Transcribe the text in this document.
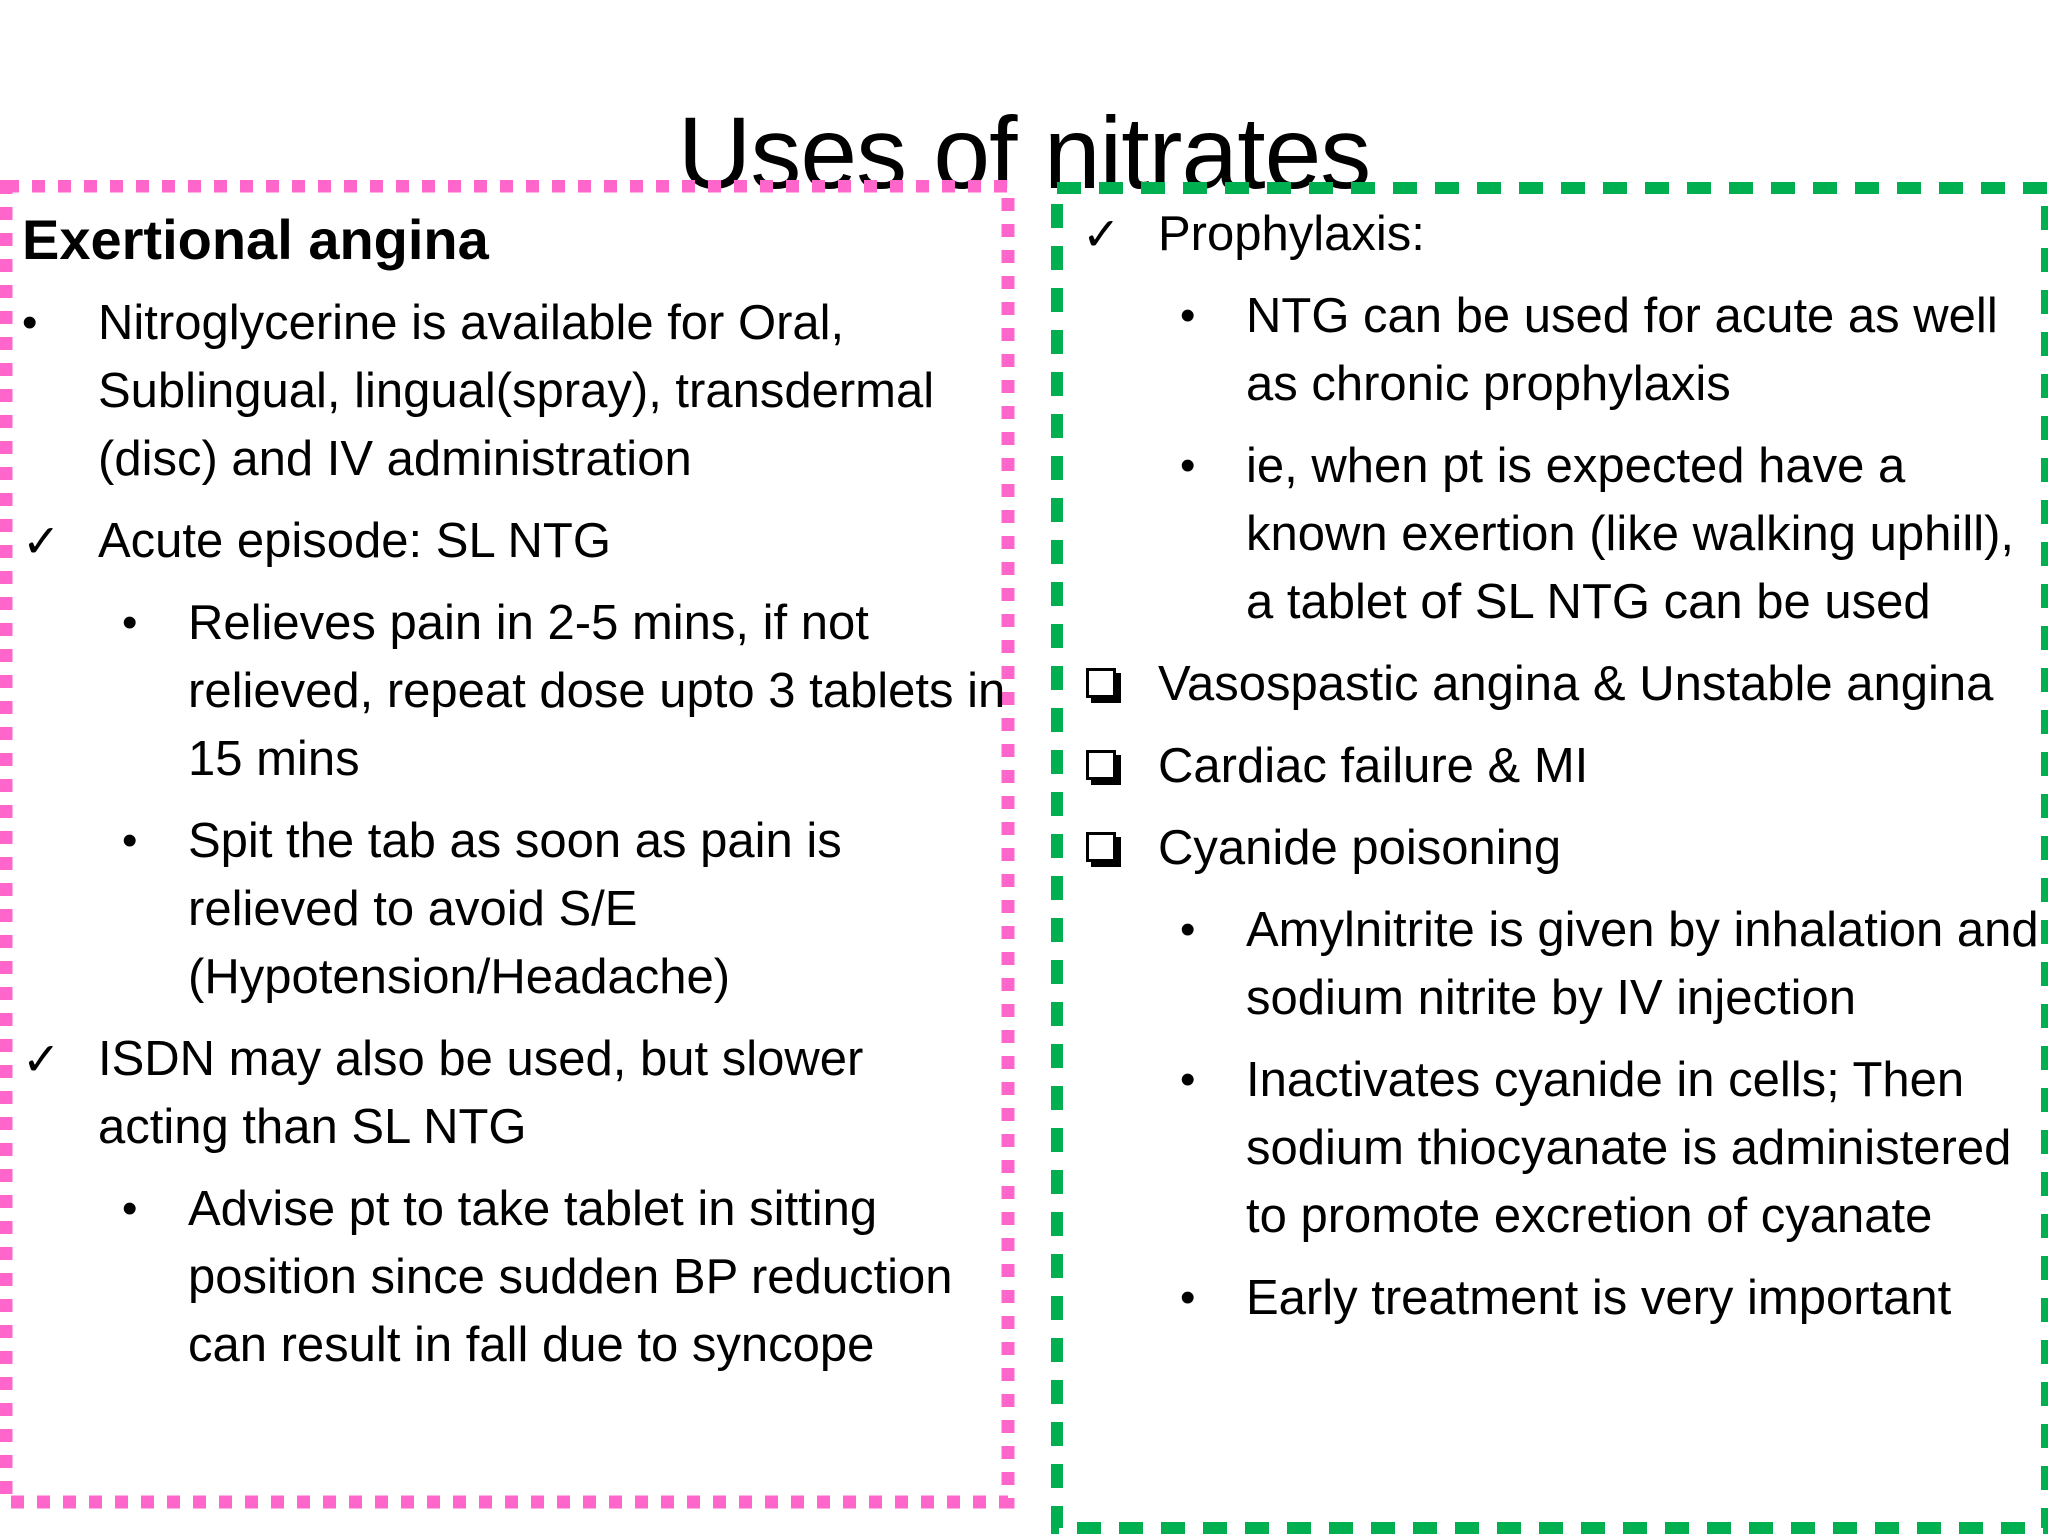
Uses of nitrates
Exertional angina
• Nitroglycerine is available for Oral, Sublingual, lingual(spray), transdermal (disc) and IV administration
✓ Acute episode: SL NTG
• Relieves pain in 2-5 mins, if not relieved, repeat dose upto 3 tablets in 15 mins
• Spit the tab as soon as pain is relieved to avoid S/E (Hypotension/Headache)
✓ ISDN may also be used, but slower acting than SL NTG
• Advise pt to take tablet in sitting position since sudden BP reduction can result in fall due to syncope
✓ Prophylaxis:
• NTG can be used for acute as well as chronic prophylaxis
• ie, when pt is expected have a known exertion (like walking uphill), a tablet of SL NTG can be used
Vasospastic angina & Unstable angina
Cardiac failure & MI
Cyanide poisoning
• Amylnitrite is given by inhalation and sodium nitrite by IV injection
• Inactivates cyanide in cells; Then sodium thiocyanate is administered to promote excretion of cyanate
• Early treatment is very important
